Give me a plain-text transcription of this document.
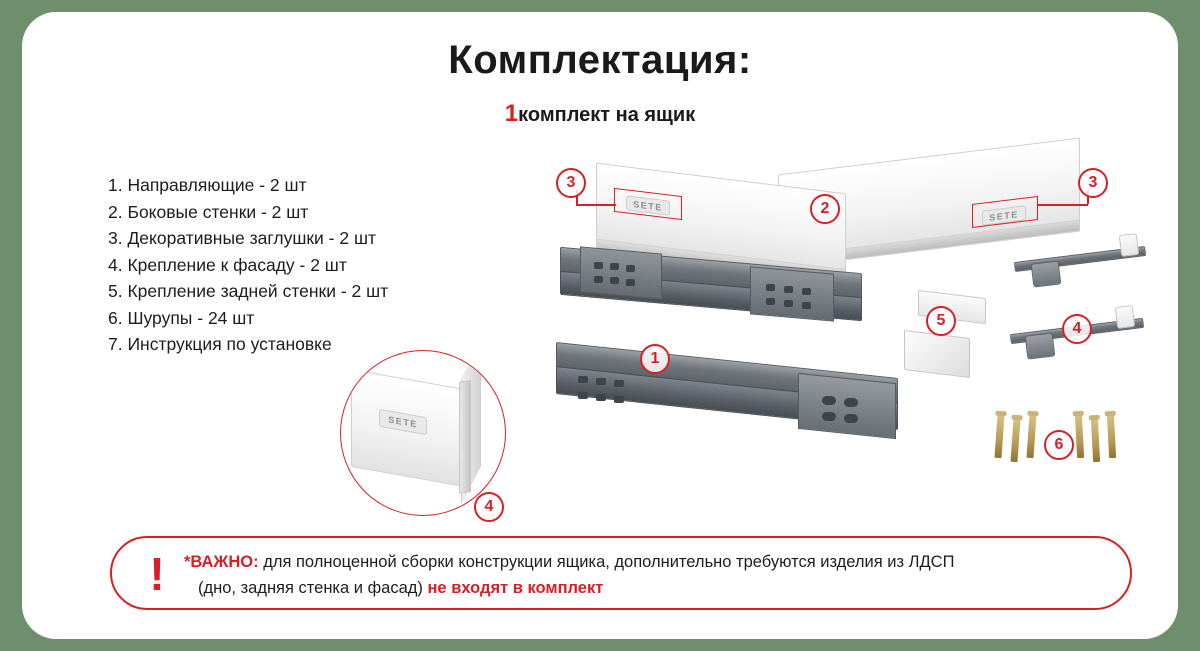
Комплектация:
1комплект на ящик
1. Направляющие - 2 шт
2. Боковые стенки - 2 шт
3. Декоративные заглушки - 2 шт
4. Крепление к фасаду - 2 шт
5. Крепление задней стенки - 2 шт
6. Шурупы - 24 шт
7. Инструкция по установке
SETE
SETE
3
2
3
5	4
1
6
SETE
4
!	*ВАЖНО: для полноценной сборки конструкции ящика, дополнительно требуются изделия из ЛДСП
(дно, задняя стенка и фасад) не входят в комплект
